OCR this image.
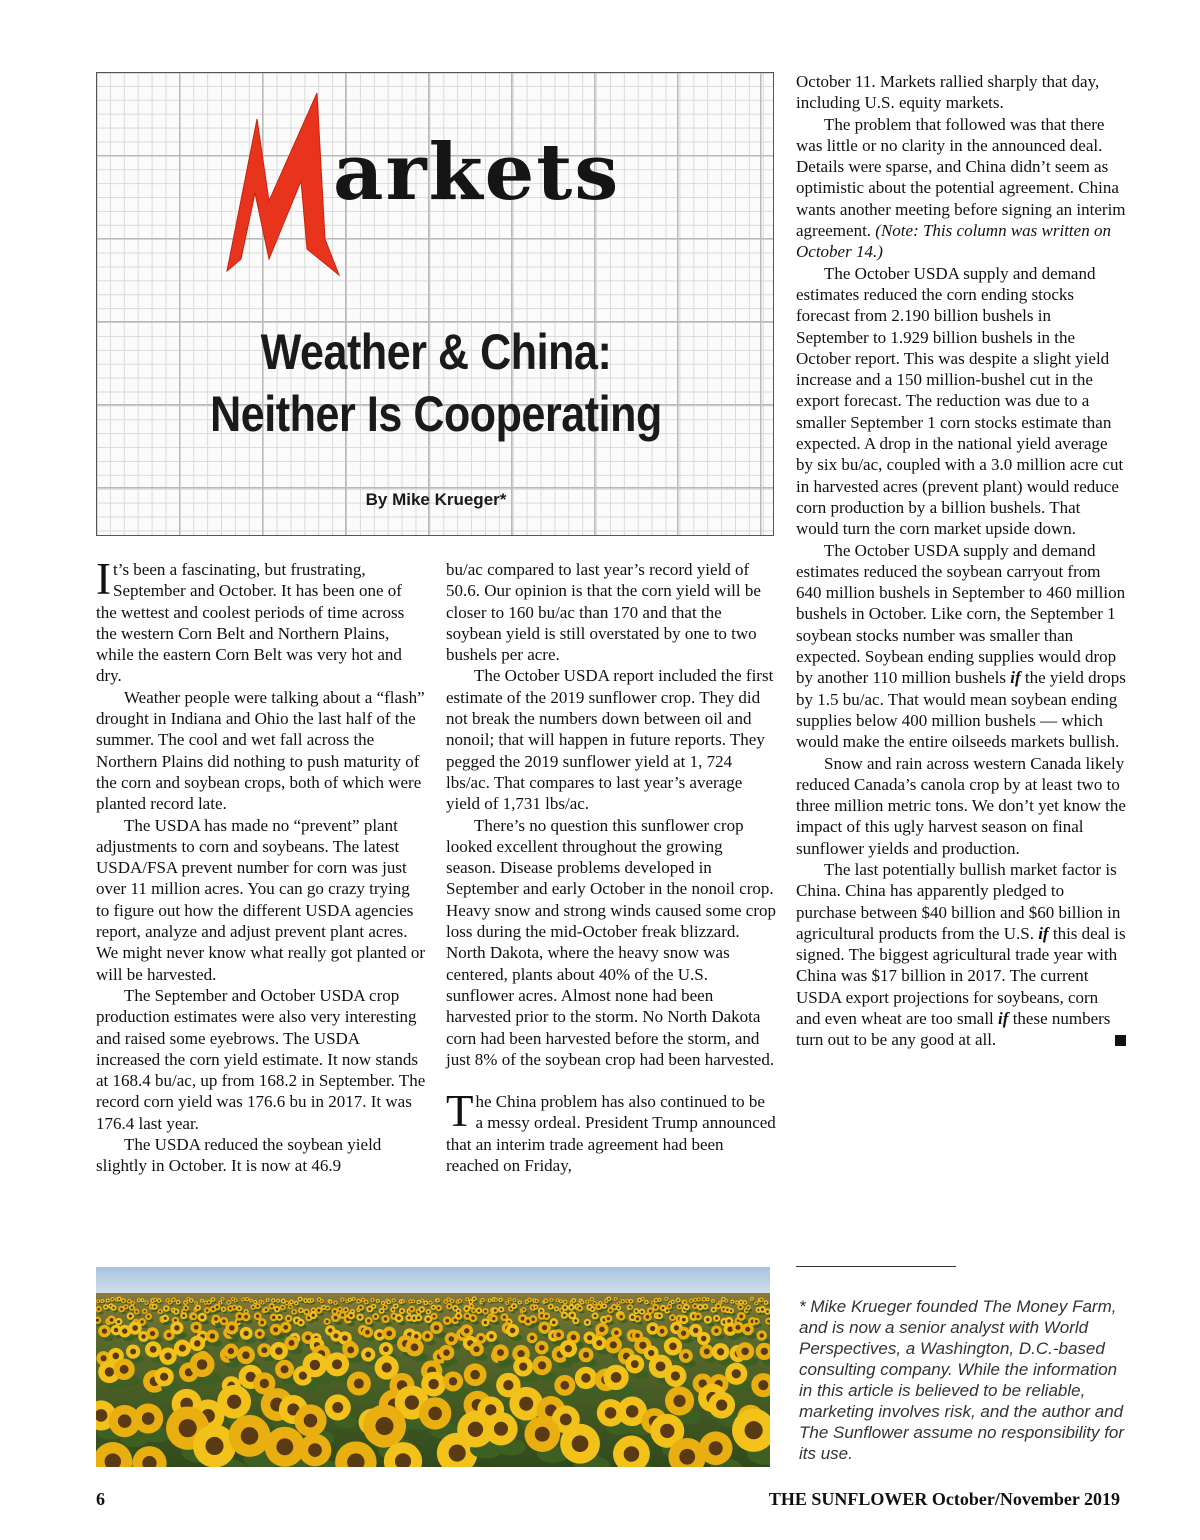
arkets
Weather & China:
Neither Is Cooperating
By Mike Krueger*

It’s been a fascinating, but frustrating, September and October. It has been one of the wettest and coolest periods of time across the western Corn Belt and Northern Plains, while the eastern Corn Belt was very hot and dry.

Weather people were talking about a “flash” drought in Indiana and Ohio the last half of the summer. The cool and wet fall across the Northern Plains did nothing to push maturity of the corn and soybean crops, both of which were planted record late.

The USDA has made no “prevent” plant adjustments to corn and soybeans. The latest USDA/FSA prevent number for corn was just over 11 million acres. You can go crazy trying to figure out how the different USDA agencies report, analyze and adjust prevent plant acres. We might never know what really got planted or will be harvested.

The September and October USDA crop production estimates were also very interesting and raised some eyebrows. The USDA increased the corn yield estimate. It now stands at 168.4 bu/ac, up from 168.2 in September. The record corn yield was 176.6 bu in 2017. It was 176.4 last year.

The USDA reduced the soybean yield slightly in October. It is now at 46.9

bu/ac compared to last year’s record yield of 50.6. Our opinion is that the corn yield will be closer to 160 bu/ac than 170 and that the soybean yield is still overstated by one to two bushels per acre.

The October USDA report included the first estimate of the 2019 sunflower crop. They did not break the numbers down between oil and nonoil; that will happen in future reports. They pegged the 2019 sunflower yield at 1, 724 lbs/ac. That compares to last year’s average yield of 1,731 lbs/ac.

There’s no question this sunflower crop looked excellent throughout the growing season. Disease problems developed in September and early October in the nonoil crop. Heavy snow and strong winds caused some crop loss during the mid-October freak blizzard. North Dakota, where the heavy snow was centered, plants about 40% of the U.S. sunflower acres. Almost none had been harvested prior to the storm. No North Dakota corn had been harvested before the storm, and just 8% of the soybean crop had been harvested.

The China problem has also continued to be a messy ordeal. President Trump announced that an interim trade agreement had been reached on Friday,

October 11. Markets rallied sharply that day, including U.S. equity markets.

The problem that followed was that there was little or no clarity in the announced deal. Details were sparse, and China didn’t seem as optimistic about the potential agreement. China wants another meeting before signing an interim agreement. (Note: This column was written on October 14.)

The October USDA supply and demand estimates reduced the corn ending stocks forecast from 2.190 billion bushels in September to 1.929 billion bushels in the October report. This was despite a slight yield increase and a 150 million-bushel cut in the export forecast. The reduction was due to a smaller September 1 corn stocks estimate than expected. A drop in the national yield average by six bu/ac, coupled with a 3.0 million acre cut in harvested acres (prevent plant) would reduce corn production by a billion bushels. That would turn the corn market upside down.

The October USDA supply and demand estimates reduced the soybean carryout from 640 million bushels in September to 460 million bushels in October. Like corn, the September 1 soybean stocks number was smaller than expected. Soybean ending supplies would drop by another 110 million bushels if the yield drops by 1.5 bu/ac. That would mean soybean ending supplies below 400 million bushels — which would make the entire oilseeds markets bullish.

Snow and rain across western Canada likely reduced Canada’s canola crop by at least two to three million metric tons. We don’t yet know the impact of this ugly harvest season on final sunflower yields and production.

The last potentially bullish market factor is China. China has apparently pledged to purchase between $40 billion and $60 billion in agricultural products from the U.S. if this deal is signed. The biggest agricultural trade year with China was $17 billion in 2017. The current USDA export projections for soybeans, corn and even wheat are too small if these numbers turn out to be any good at all.

* Mike Krueger founded The Money Farm, and is now a senior analyst with World Perspectives, a Washington, D.C.-based consulting company. While the information in this article is believed to be reliable, marketing involves risk, and the author and The Sunflower assume no responsibility for its use.
6	THE SUNFLOWER October/November 2019
